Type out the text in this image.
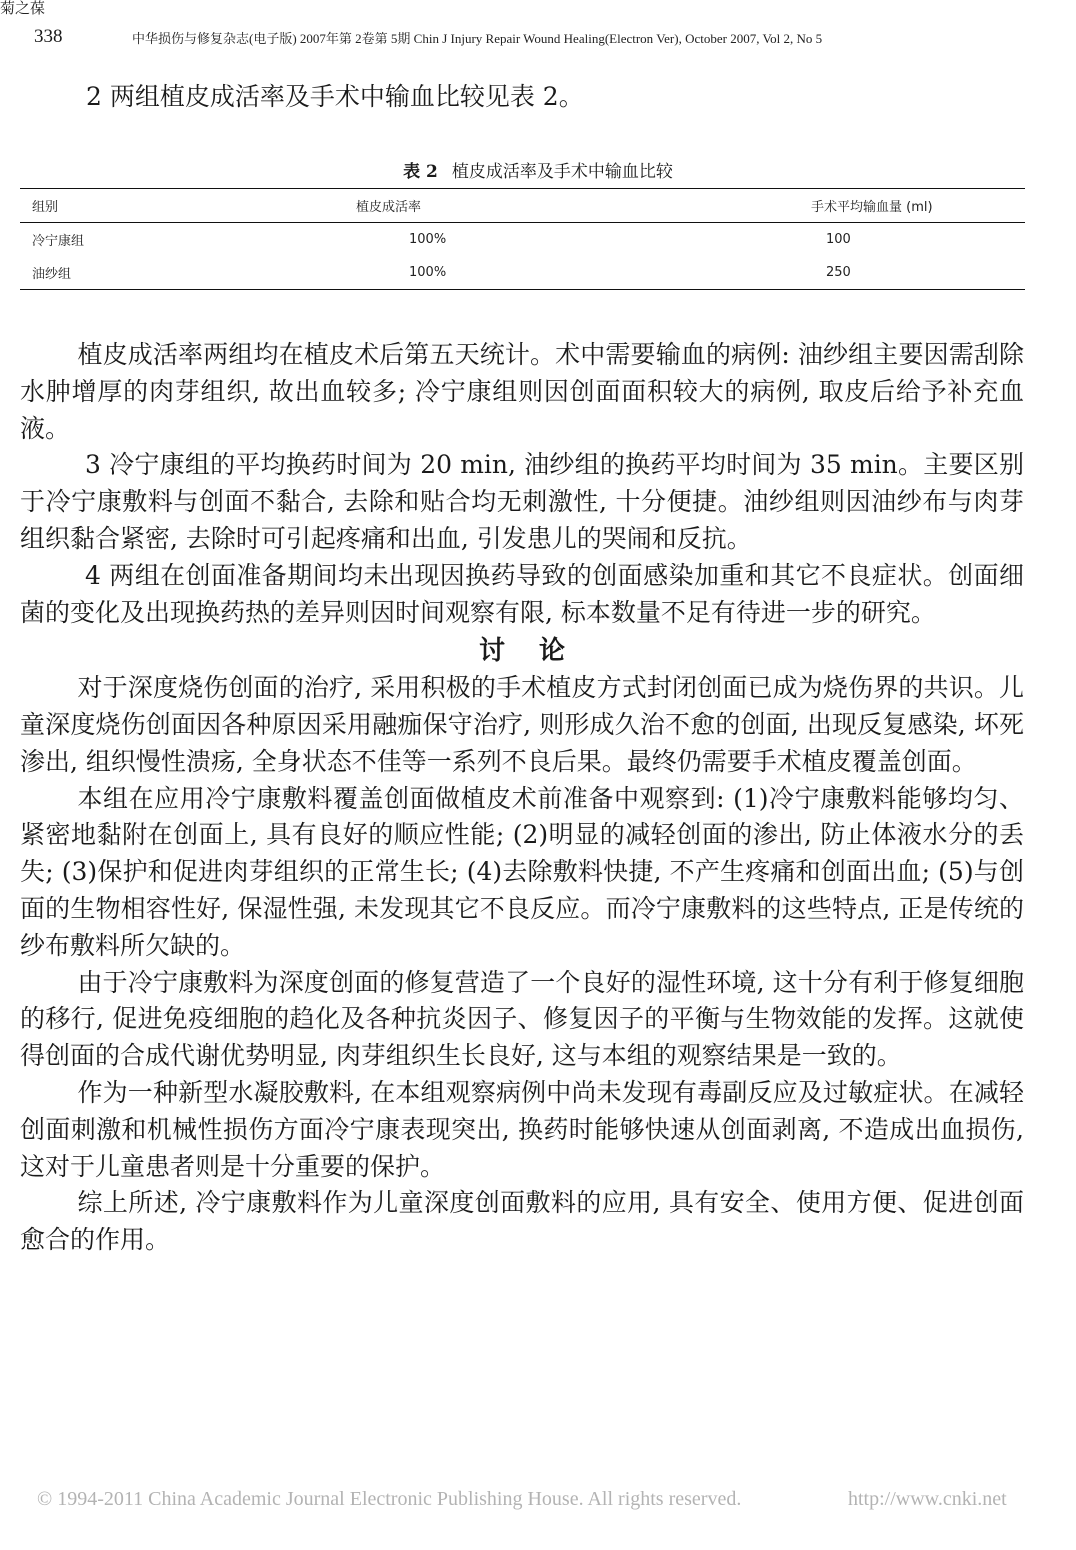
菊之葆
338	中华损伤与修复杂志(电子版) 2007年第 2卷第 5期 Chin J Injury Repair Wound Healing(Electron Ver), October 2007, Vol 2, No 5
2 两组植皮成活率及手术中输血比较见表 2。
表 2 植皮成活率及手术中输血比较
组别	植皮成活率	手术平均输血量 (ml)
冷宁康组	100%	100
油纱组	100%	250

植皮成活率两组均在植皮术后第五天统计。术中需要输血的病例: 油纱组主要因需刮除水肿增厚的肉芽组织, 故出血较多; 冷宁康组则因创面面积较大的病例, 取皮后给予补充血液。

3 冷宁康组的平均换药时间为 20 min, 油纱组的换药平均时间为 35 min。主要区别于冷宁康敷料与创面不黏合, 去除和贴合均无刺激性, 十分便捷。油纱组则因油纱布与肉芽组织黏合紧密, 去除时可引起疼痛和出血, 引发患儿的哭闹和反抗。

4 两组在创面准备期间均未出现因换药导致的创面感染加重和其它不良症状。创面细菌的变化及出现换药热的差异则因时间观察有限, 标本数量不足有待进一步的研究。

讨论

对于深度烧伤创面的治疗, 采用积极的手术植皮方式封闭创面已成为烧伤界的共识。儿童深度烧伤创面因各种原因采用融痂保守治疗, 则形成久治不愈的创面, 出现反复感染, 坏死渗出, 组织慢性溃疡, 全身状态不佳等一系列不良后果。最终仍需要手术植皮覆盖创面。

本组在应用冷宁康敷料覆盖创面做植皮术前准备中观察到: (1)冷宁康敷料能够均匀、紧密地黏附在创面上, 具有良好的顺应性能; (2)明显的减轻创面的渗出, 防止体液水分的丢失; (3)保护和促进肉芽组织的正常生长; (4)去除敷料快捷, 不产生疼痛和创面出血; (5)与创面的生物相容性好, 保湿性强, 未发现其它不良反应。而冷宁康敷料的这些特点, 正是传统的纱布敷料所欠缺的。

由于冷宁康敷料为深度创面的修复营造了一个良好的湿性环境, 这十分有利于修复细胞的移行, 促进免疫细胞的趋化及各种抗炎因子、修复因子的平衡与生物效能的发挥。这就使得创面的合成代谢优势明显, 肉芽组织生长良好, 这与本组的观察结果是一致的。

作为一种新型水凝胶敷料, 在本组观察病例中尚未发现有毒副反应及过敏症状。在减轻创面刺激和机械性损伤方面冷宁康表现突出, 换药时能够快速从创面剥离, 不造成出血损伤, 这对于儿童患者则是十分重要的保护。

综上所述, 冷宁康敷料作为儿童深度创面敷料的应用, 具有安全、使用方便、促进创面愈合的作用。

© 1994-2011 China Academic Journal Electronic Publishing House. All rights reserved.	http://www.cnki.net
